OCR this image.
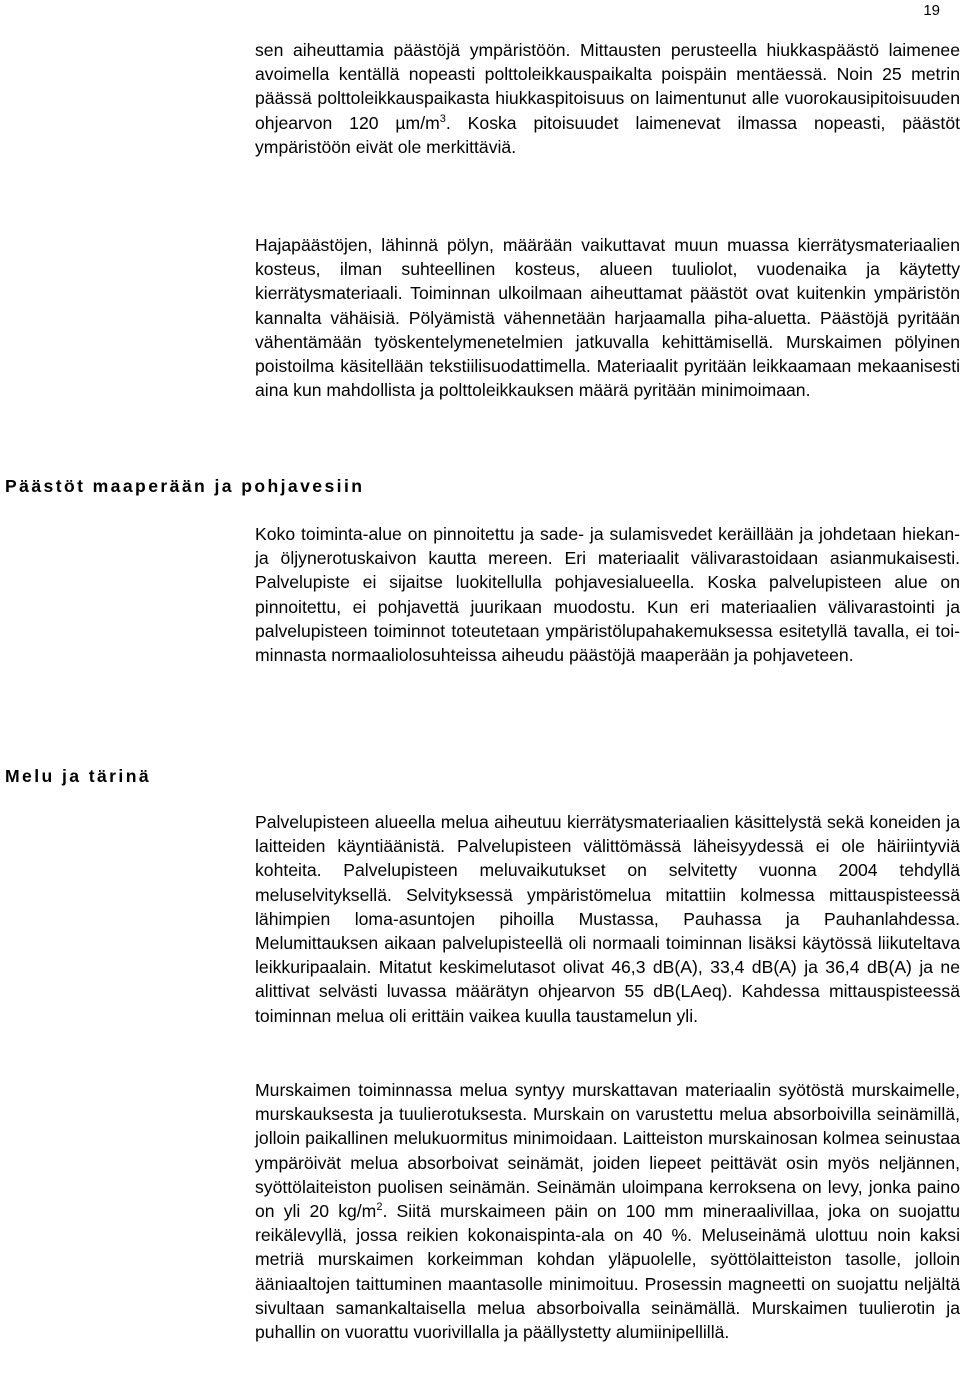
19

sen aiheuttamia päästöjä ympäristöön. Mittausten perusteella hiukkaspäästö laimenee avoimella kentällä nopeasti polttoleikkauspaikalta poispäin mentäessä. Noin 25 metrin päässä polttoleikkauspaikasta hiukkaspitoisuus on laimentunut alle vuorokausipitoisuuden ohjearvon 120 $\mu m/m^3$. Koska pitoisuudet laimenevat ilmassa nopeasti, päästöt ympäristöön eivät ole merkittäviä.

Hajapäästöjen, lähinnä pölyn, määrään vaikuttavat muun muassa kierrätysmateriaalien kosteus, ilman suhteellinen kosteus, alueen tuuliolot, vuodenaika ja käytetty kierrätysmateriaali. Toiminnan ulkoilmaan aiheuttamat päästöt ovat kuitenkin ympäristön kannalta vähäisiä. Pölyämistä vähennetään harjaamalla piha-aluetta. Päästöjä pyritään vähentämään työskentelymenetelmien jatkuvalla kehittämisellä. Murskaimen pölyinen poistoilma käsitellään tekstiilisuodattimella. Materiaalit pyritään leikkaamaan mekaanisesti aina kun mahdollista ja polttoleikkauksen määrä pyritään minimoimaan.

Päästöt maaperään ja pohjavesiin

Koko toiminta-alue on pinnoitettu ja sade- ja sulamisvedet keräillään ja johdetaan hiekan- ja öljynerotuskaivon kautta mereen. Eri materiaalit välivarastoidaan asianmukaisesti. Palvelupiste ei sijaitse luokitellulla pohjavesialueella. Koska palvelupisteen alue on pinnoitettu, ei pohjavettä juurikaan muodostu. Kun eri materiaalien välivarastointi ja palvelupisteen toiminnot toteutetaan ympäristölupahakemuksessa esitetyllä tavalla, ei toiminnasta normaaliolosuhteissa aiheudu päästöjä maaperään ja pohjaveteen.

Melu ja tärinä

Palvelupisteen alueella melua aiheutuu kierrätysmateriaalien käsittelystä sekä koneiden ja laitteiden käyntiäänistä. Palvelupisteen välittömässä läheisyydessä ei ole häiriintyviä kohteita. Palvelupisteen meluvaikutukset on selvitetty vuonna 2004 tehdyllä meluselvityksellä. Selvityksessä ympäristömelua mitattiin kolmessa mittauspisteessä lähimpien loma-asuntojen pihoilla Mustassa, Pauhassa ja Pauhanlahdessa. Melumittauksen aikaan palvelupisteellä oli normaali toiminnan lisäksi käytössä liikuteltava leikkuripaalain. Mitatut keskimelutasot olivat 46,3 dB(A), 33,4 dB(A) ja 36,4 dB(A) ja ne alittivat selvästi luvassa määrätyn ohjearvon 55 dB(LAeq). Kahdessa mittauspisteessä toiminnan melua oli erittäin vaikea kuulla taustamelun yli.

Murskaimen toiminnassa melua syntyy murskattavan materiaalin syötöstä murskaimelle, murskauksesta ja tuulierotuksesta. Murskain on varustettu melua absorboivilla seinämillä, jolloin paikallinen melukuormitus minimoidaan. Laitteiston murskainosan kolmea seinustaa ympäröivät melua absorboivat seinämät, joiden liepeet peittävät osin myös neljännen, syöttölaiteiston puolisen seinämän. Seinämän uloimpana kerroksena on levy, jonka paino on yli 20 $kg/m^2$. Siitä murskaimeen päin on 100 mm mineraalivillaa, joka on suojattu reikälevyllä, jossa reikien kokonaispinta-ala on 40 %. Meluseinämä ulottuu noin kaksi metriä murskaimen korkeimman kohdan yläpuolelle, syöttölaitteiston tasolle, jolloin ääniaaltojen taittuminen maantasolle minimoituu. Prosessin magneetti on suojattu neljältä sivultaan samankaltaisella melua absorboivalla seinämällä. Murskaimen tuulierotin ja puhallin on vuorattu vuorivillalla ja päällystetty alumiinipellillä.
